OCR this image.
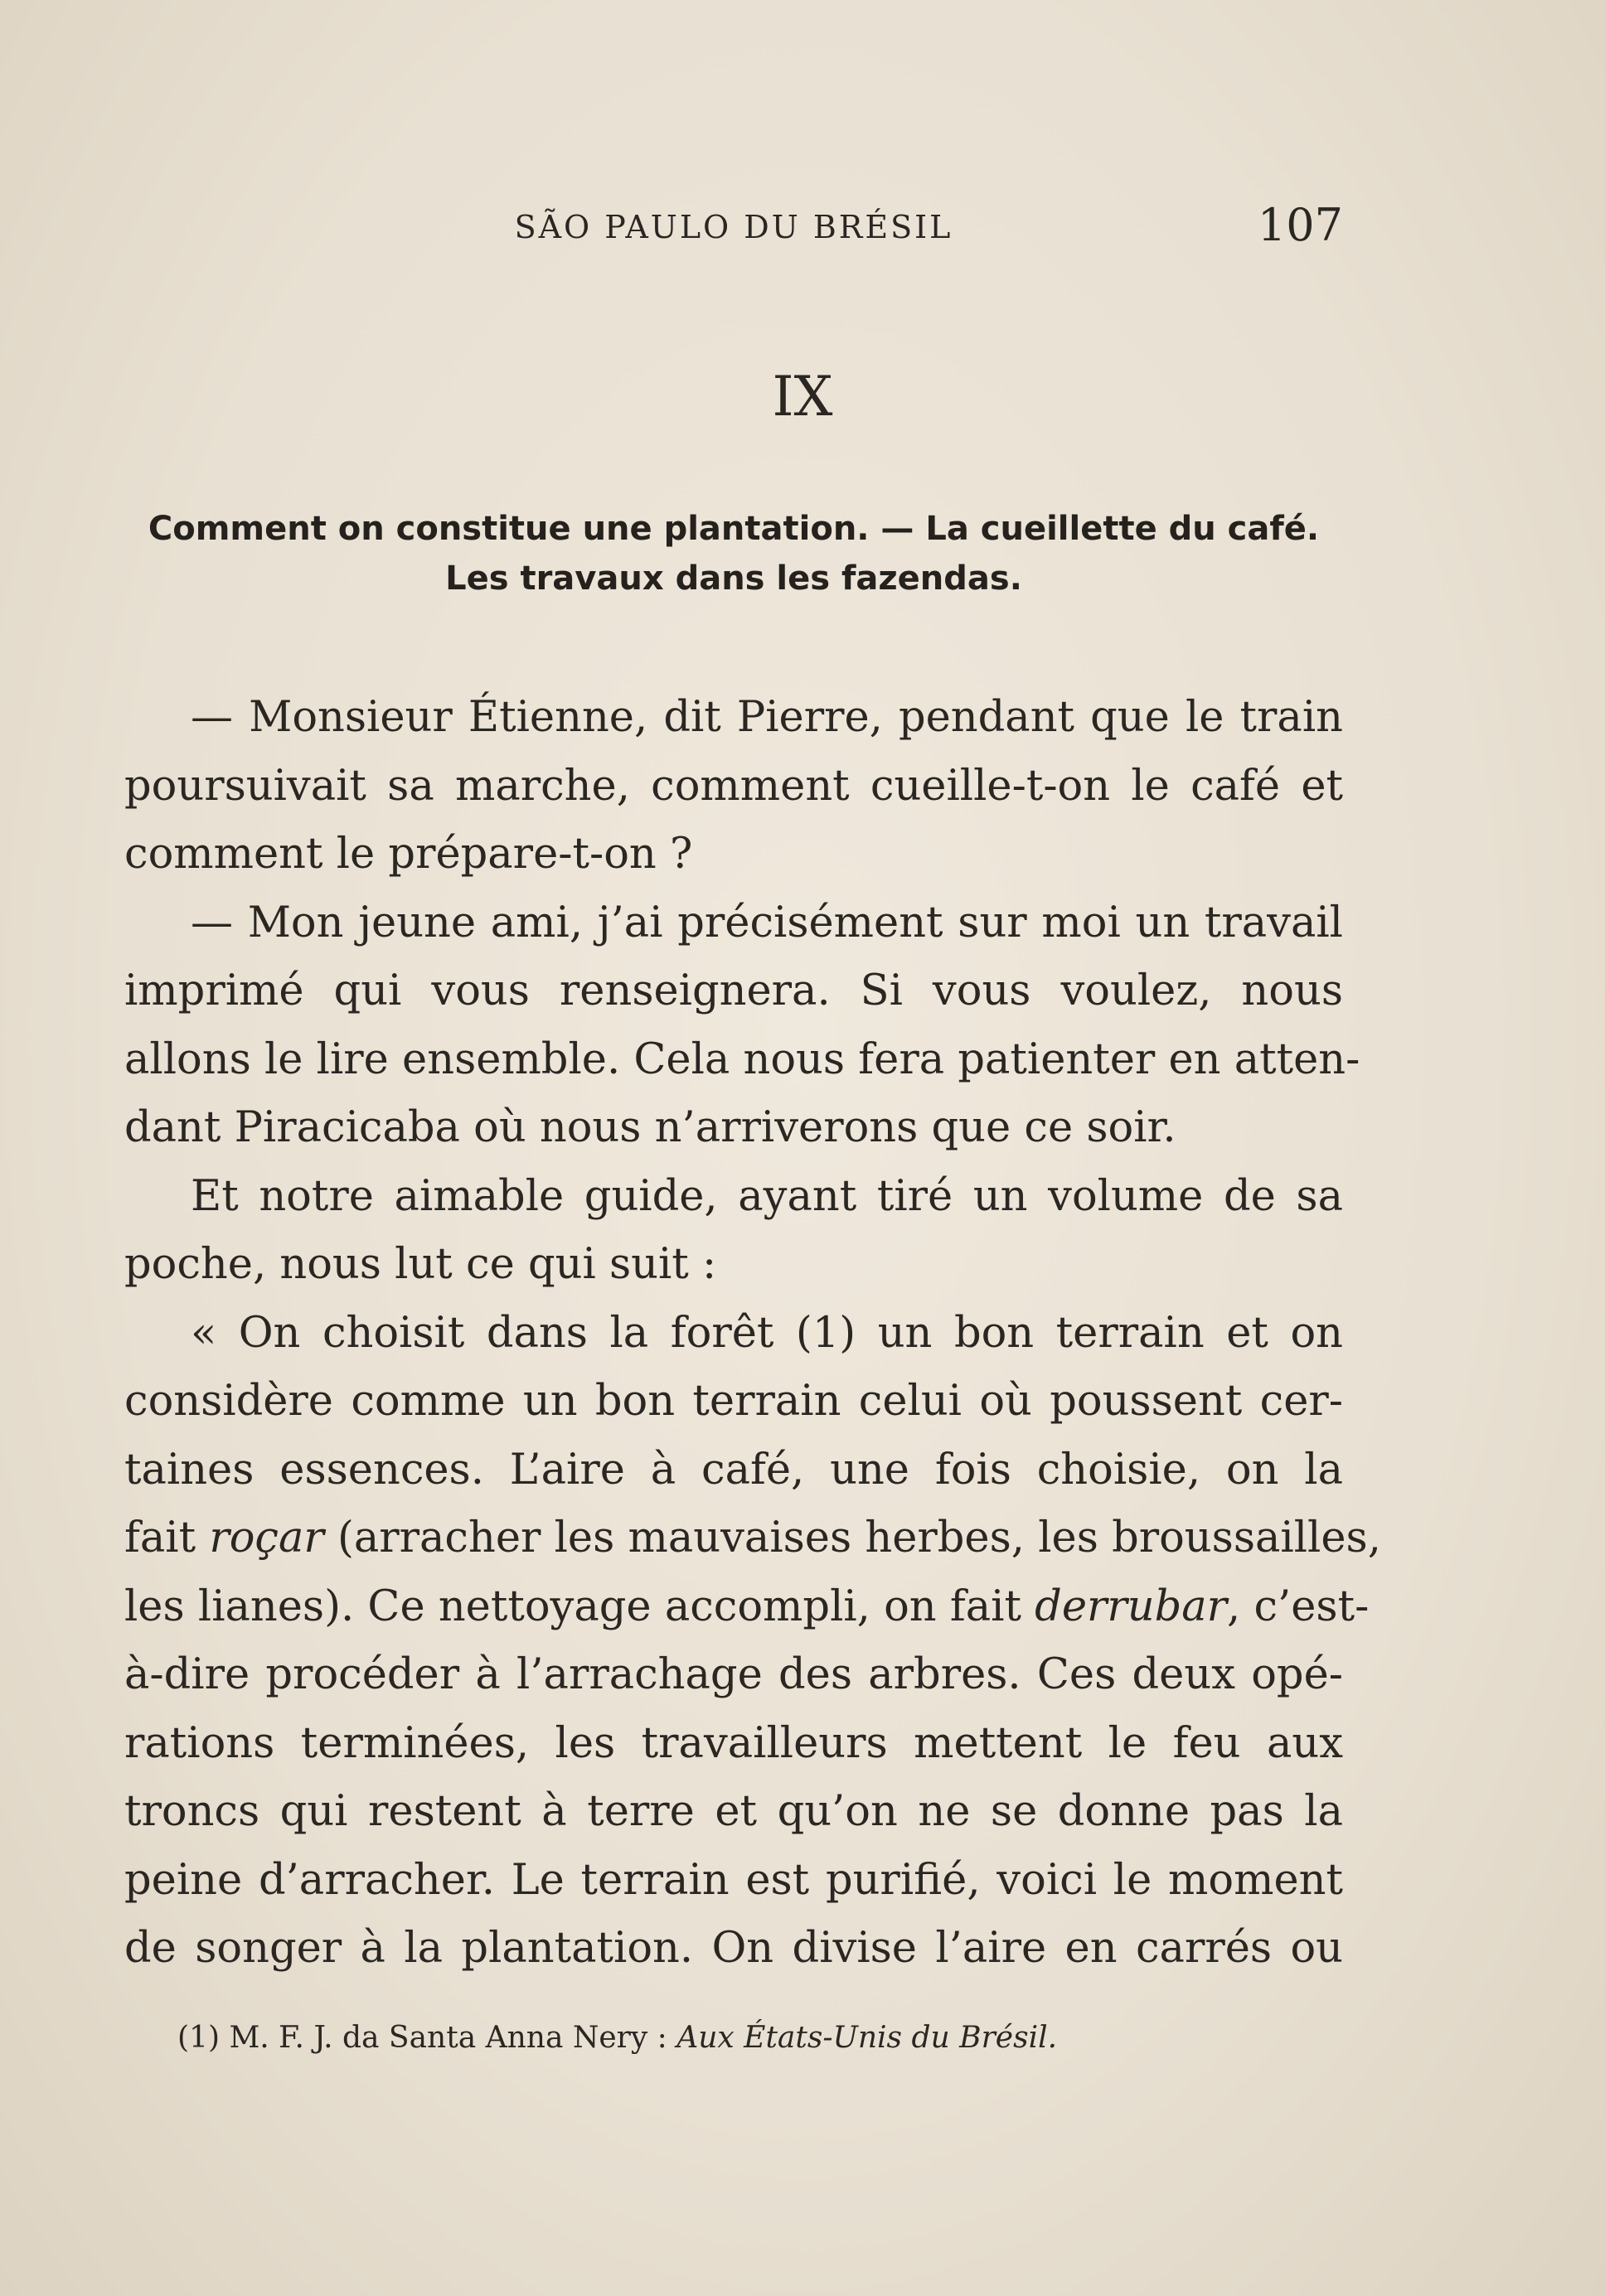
SÃO PAULO DU BRÉSIL	107
IX
Comment on constitue une plantation. — La cueillette du café.
Les travaux dans les fazendas.
— Monsieur Étienne, dit Pierre, pendant que le train
poursuivait sa marche, comment cueille-t-on le café et
comment le prépare-t-on ?
— Mon jeune ami, j’ai précisément sur moi un travail
imprimé qui vous renseignera. Si vous voulez, nous
allons le lire ensemble. Cela nous fera patienter en atten-
dant Piracicaba où nous n’arriverons que ce soir.
Et notre aimable guide, ayant tiré un volume de sa
poche, nous lut ce qui suit :
« On choisit dans la forêt (1) un bon terrain et on
considère comme un bon terrain celui où poussent cer-
taines essences. L’aire à café, une fois choisie, on la
fait roçar (arracher les mauvaises herbes, les broussailles,
les lianes). Ce nettoyage accompli, on fait derrubar, c’est-
à-dire procéder à l’arrachage des arbres. Ces deux opé-
rations terminées, les travailleurs mettent le feu aux
troncs qui restent à terre et qu’on ne se donne pas la
peine d’arracher. Le terrain est purifié, voici le moment
de songer à la plantation. On divise l’aire en carrés ou
(1) M. F. J. da Santa Anna Nery : Aux États-Unis du Brésil.
